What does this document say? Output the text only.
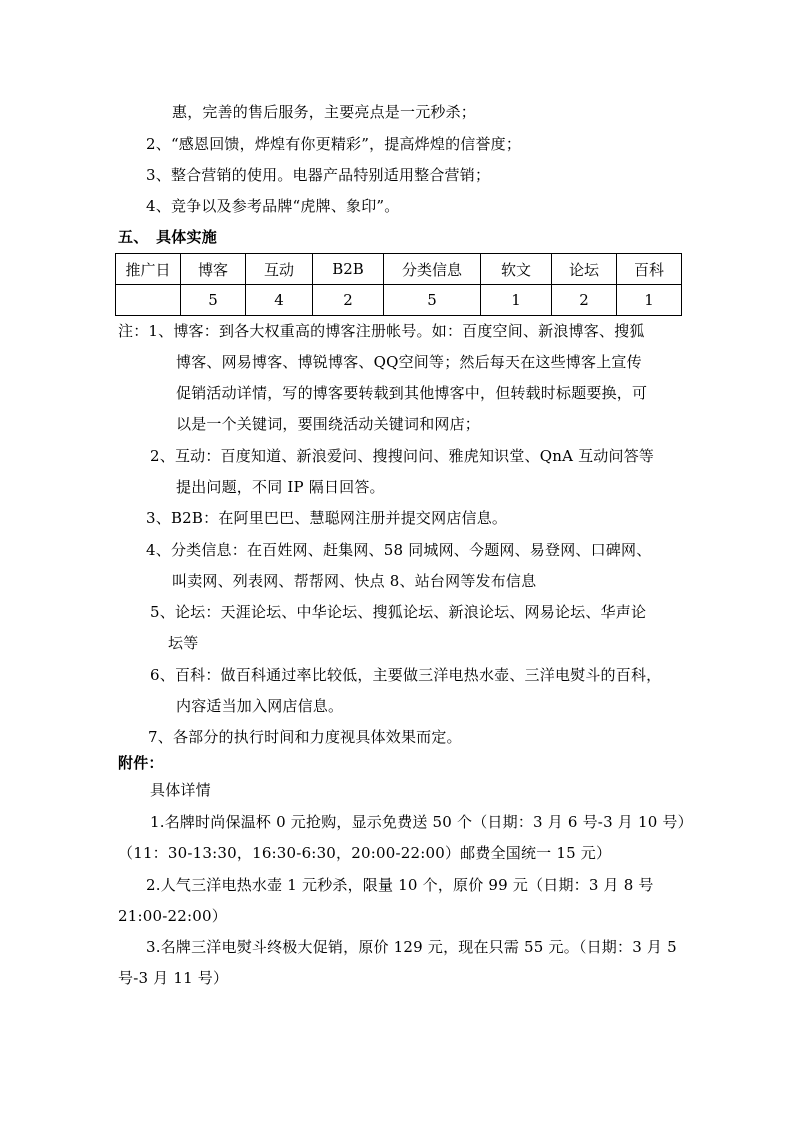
惠，完善的售后服务，主要亮点是一元秒杀；
2、“感恩回馈，烨煌有你更精彩”，提高烨煌的信誉度；
3、整合营销的使用。电器产品特别适用整合营销；
4、竞争以及参考品牌“虎牌、象印”。
五、　具体实施
推广日	博客	互动	B2B	分类信息	软文	论坛	百科
	5	4	2	5	1	2	1
注：1、博客：到各大权重高的博客注册帐号。如：百度空间、新浪博客、搜狐
博客、网易博客、博锐博客、QQ空间等；然后每天在这些博客上宣传
促销活动详情，写的博客要转载到其他博客中，但转载时标题要换，可
以是一个关键词，要围绕活动关键词和网店；
2、互动：百度知道、新浪爱问、搜搜问问、雅虎知识堂、QnA 互动问答等
提出问题，不同 IP 隔日回答。
3、B2B：在阿里巴巴、慧聪网注册并提交网店信息。
4、分类信息：在百姓网、赶集网、58 同城网、今题网、易登网、口碑网、
叫卖网、列表网、帮帮网、快点 8、站台网等发布信息
5、论坛：天涯论坛、中华论坛、搜狐论坛、新浪论坛、网易论坛、华声论
坛等
6、百科：做百科通过率比较低，主要做三洋电热水壶、三洋电熨斗的百科，
内容适当加入网店信息。
7、各部分的执行时间和力度视具体效果而定。
附件：
具体详情
1.名牌时尚保温杯 0 元抢购，显示免费送 50 个（日期：3 月 6 号-3 月 10 号）
（11：30-13:30，16:30-6:30，20:00-22:00）邮费全国统一 15 元）
2.人气三洋电热水壶 1 元秒杀，限量 10 个，原价 99 元（日期：3 月 8 号
21:00-22:00）
3.名牌三洋电熨斗终极大促销，原价 129 元，现在只需 55 元。（日期：3 月 5
号-3 月 11 号）
